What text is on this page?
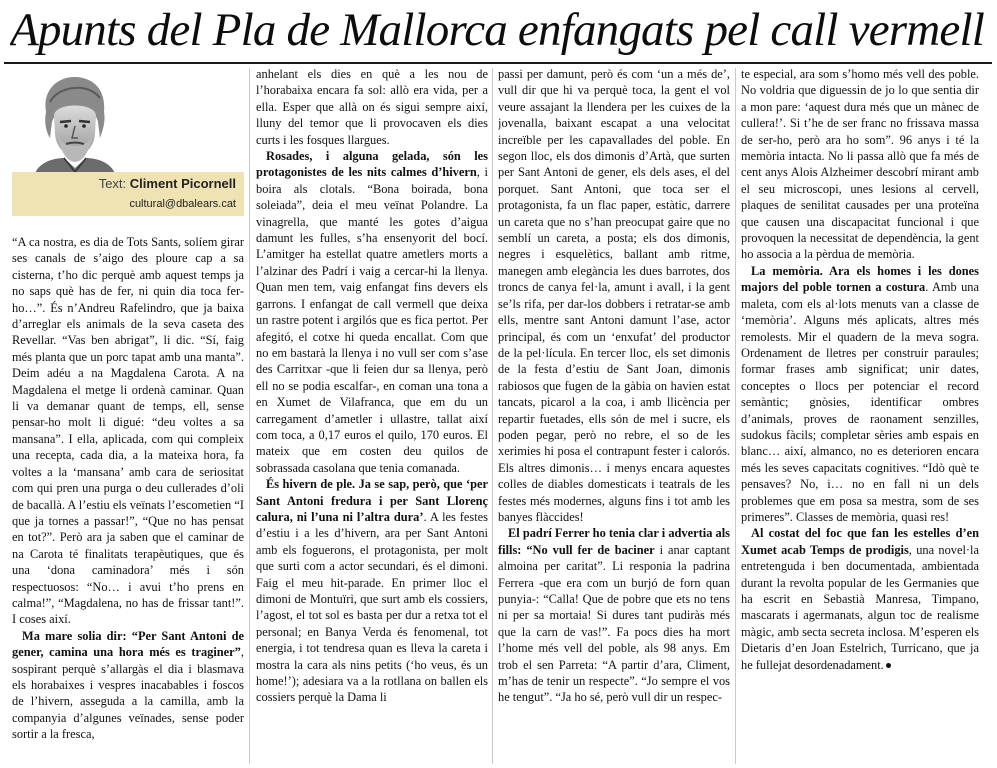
Apunts del Pla de Mallorca enfangats pel call vermell
Text: Climent Picornell
cultural@dbalears.cat

“A ca nostra, es dia de Tots Sants, solíem girar ses canals de s’aigo des ploure cap a sa cisterna, t’ho dic perquè amb aquest temps ja no saps què has de fer, ni quin dia toca fer-ho…”. És n’Andreu Rafelindro, que ja baixa d’arreglar els animals de la seva caseta des Revellar. “Vas ben abrigat”, li dic. “Sí, faig més planta que un porc tapat amb una manta”. Deim adéu a na Magdalena Carota. A na Magdalena el metge li ordenà caminar. Quan li va demanar quant de temps, ell, sense pensar-ho molt li digué: “deu voltes a sa mansana”. I ella, aplicada, com qui compleix una recepta, cada dia, a la mateixa hora, fa voltes a la ‘mansana’ amb cara de seriositat com qui pren una purga o deu cullerades d’oli de bacallà. A l’estiu els veïnats l’escometien “I que ja tornes a passar!”, “Que no has pensat en tot?”. Però ara ja saben que el caminar de na Carota té finalitats terapèutiques, que és una ‘dona caminadora’ més i són respectuosos: “No… i avui t’ho prens en calma!”, “Magdalena, no has de frissar tant!”. I coses així.

Ma mare solia dir: “Per Sant Antoni de gener, camina una hora més es traginer”, sospirant perquè s’allargàs el dia i blasmava els horabaixes i vespres inacabables i foscos de l’hivern, asseguda a la camilla, amb la companyia d’algunes veïnades, sense poder sortir a la fresca,

anhelant els dies en què a les nou de l’horabaixa encara fa sol: allò era vida, per a ella. Esper que allà on és sigui sempre així, lluny del temor que li provocaven els dies curts i les fosques llargues.

Rosades, i alguna gelada, són les protagonistes de les nits calmes d’hivern, i boira als clotals. “Bona boirada, bona soleiada”, deia el meu veïnat Polandre. La vinagrella, que manté les gotes d’aigua damunt les fulles, s’ha ensenyorit del bocí. L’amitger ha estellat quatre ametlers morts a l’alzinar des Padrí i vaig a cercar-hi la llenya. Quan men tem, vaig enfangat fins devers els garrons. I enfangat de call vermell que deixa un rastre potent i argilós que es fica pertot. Per afegitó, el cotxe hi queda encallat. Com que no em bastarà la llenya i no vull ser com s’ase des Carritxar -que li feien dur sa llenya, però ell no se podia escalfar-, en coman una tona a en Xumet de Vilafranca, que em du un carregament d’ametler i ullastre, tallat així com toca, a 0,17 euros el quilo, 170 euros. El mateix que em costen deu quilos de sobrassada casolana que tenia comanada.

És hivern de ple. Ja se sap, però, que ‘per Sant Antoni fredura i per Sant Llorenç calura, ni l’una ni l’altra dura’. A les festes d’estiu i a les d’hivern, ara per Sant Antoni amb els foguerons, el protagonista, per molt que surti com a actor secundari, és el dimoni. Faig el meu hit-parade. En primer lloc el dimoni de Montuïri, que surt amb els cossiers, l’agost, el tot sol es basta per dur a retxa tot el personal; en Banya Verda és fenomenal, tot energia, i tot tendresa quan es lleva la careta i mostra la cara als nins petits (‘ho veus, és un home!’); adesiara va a la rotllana on ballen els cossiers perquè la Dama li

passi per damunt, però és com ‘un a més de’, vull dir que hi va perquè toca, la gent el vol veure assajant la llendera per les cuixes de la jovenalla, baixant escapat a una velocitat increïble per les capavallades del poble. En segon lloc, els dos dimonis d’Artà, que surten per Sant Antoni de gener, els dels ases, el del porquet. Sant Antoni, que toca ser el protagonista, fa un flac paper, estàtic, darrere un careta que no s’han preocupat gaire que no semblí un careta, a posta; els dos dimonis, negres i esquelètics, ballant amb ritme, manegen amb elegància les dues barrotes, dos troncs de canya fel·la, amunt i avall, i la gent se’ls rifa, per dar-los dobbers i retratar-se amb ells, mentre sant Antoni damunt l’ase, actor principal, és com un ‘enxufat’ del productor de la pel·lícula. En tercer lloc, els set dimonis de la festa d’estiu de Sant Joan, dimonis rabiosos que fugen de la gàbia on havien estat tancats, picarol a la coa, i amb llicència per repartir fuetades, ells són de mel i sucre, els poden pegar, però no rebre, el so de les xerimies hi posa el contrapunt fester i calorós. Els altres dimonis… i menys encara aquestes colles de diables domesticats i teatrals de les festes més modernes, alguns fins i tot amb les banyes flàccides!

El padrí Ferrer ho tenia clar i advertia als fills: “No vull fer de baciner i anar captant almoina per caritat”. Li responia la padrina Ferrera -que era com un burjó de forn quan punyia-: “Calla! Que de pobre que ets no tens ni per sa mortaia! Si dures tant pudiràs més que la carn de vas!”. Fa pocs dies ha mort l’home més vell del poble, als 98 anys. Em trob el sen Parreta: “A partir d’ara, Climent, m’has de tenir un respecte”. “Jo sempre el vos he tengut”. “Ja ho sé, però vull dir un respec-

te especial, ara som s’homo més vell des poble. No voldria que diguessin de jo lo que sentia dir a mon pare: ‘aquest dura més que un mànec de cullera!’. Si t’he de ser franc no frissava massa de ser-ho, però ara ho som”. 96 anys i té la memòria intacta. No li passa allò que fa més de cent anys Alois Alzheimer descobrí mirant amb el seu microscopi, unes lesions al cervell, plaques de senilitat causades per una proteïna que causen una discapacitat funcional i que provoquen la necessitat de dependència, la gent ho associa a la pèrdua de memòria.

La memòria. Ara els homes i les dones majors del poble tornen a costura. Amb una maleta, com els al·lots menuts van a classe de ‘memòria’. Alguns més aplicats, altres més remolests. Mir el quadern de la meva sogra. Ordenament de lletres per construir paraules; formar frases amb significat; unir dates, conceptes o llocs per potenciar el record semàntic; gnòsies, identificar ombres d’animals, proves de raonament senzilles, sudokus fàcils; completar sèries amb espais en blanc… així, almanco, no es deterioren encara més les seves capacitats cognitives. “Idò què te pensaves? No, i… no en fall ni un dels problemes que em posa sa mestra, som de ses primeres”. Classes de memòria, quasi res!

Al costat del foc que fan les estelles d’en Xumet acab Temps de prodigis, una novel·la entretenguda i ben documentada, ambientada durant la revolta popular de les Germanies que ha escrit en Sebastià Manresa, Timpano, mascarats i agermanats, algun toc de realisme màgic, amb secta secreta inclosa. M’esperen els Dietaris d’en Joan Estelrich, Turricano, que ja he fullejat desordenadament.
